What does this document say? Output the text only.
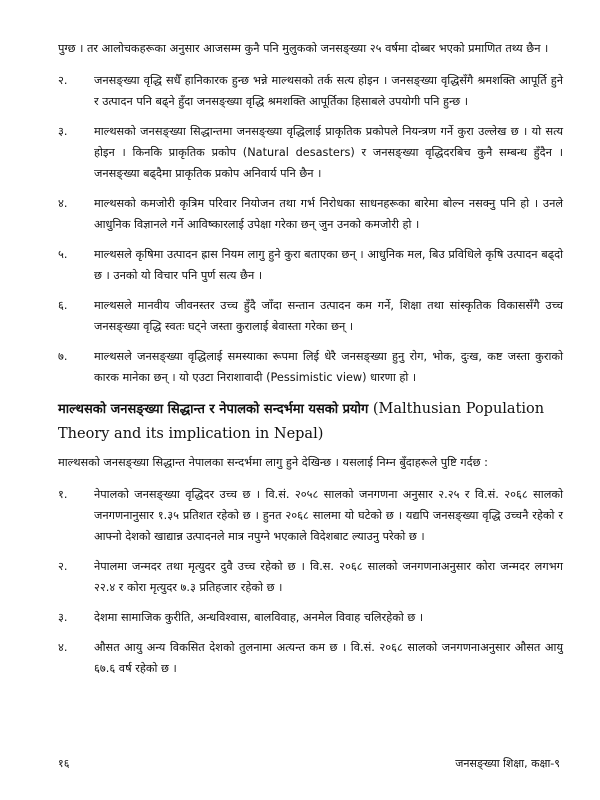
पुग्छ । तर आलोचकहरूका अनुसार आजसम्म कुनै पनि मुलुकको जनसङ्ख्या २५ वर्षमा दोब्बर भएको प्रमाणित तथ्य छैन ।

२.	जनसङ्ख्या वृद्धि सधैँ हानिकारक हुन्छ भन्ने माल्थसको तर्क सत्य होइन । जनसङ्ख्या वृद्धिसँगै श्रमशक्ति आपूर्ति हुने र उत्पादन पनि बढ्ने हुँदा जनसङ्ख्या वृद्धि श्रमशक्ति आपूर्तिका हिसाबले उपयोगी पनि हुन्छ ।

३.	माल्थसको जनसङ्ख्या सिद्धान्तमा जनसङ्ख्या वृद्धिलाई प्राकृतिक प्रकोपले नियन्त्रण गर्ने कुरा उल्लेख छ । यो सत्य होइन । किनकि प्राकृतिक प्रकोप (Natural desasters) र जनसङ्ख्या वृद्धिदरबिच कुनै सम्बन्ध हुँदैन । जनसङ्ख्या बढ्दैमा प्राकृतिक प्रकोप अनिवार्य पनि छैन ।

४.	माल्थसको कमजोरी कृत्रिम परिवार नियोजन तथा गर्भ निरोधका साधनहरूका बारेमा बोल्न नसक्नु पनि हो । उनले आधुनिक विज्ञानले गर्ने आविष्कारलाई उपेक्षा गरेका छन् जुन उनको कमजोरी हो ।

५.	माल्थसले कृषिमा उत्पादन ह्रास नियम लागु हुने कुरा बताएका छन् । आधुनिक मल, बिउ प्रविधिले कृषि उत्पादन बढ्दो छ । उनको यो विचार पनि पुर्ण सत्य छैन ।

६.	माल्थसले मानवीय जीवनस्तर उच्च हुँदै जाँदा सन्तान उत्पादन कम गर्ने, शिक्षा तथा सांस्कृतिक विकाससँगै उच्च जनसङ्ख्या वृद्धि स्वतः घट्ने जस्ता कुरालाई बेवास्ता गरेका छन् ।

७.	माल्थसले जनसङ्ख्या वृद्धिलाई समस्याका रूपमा लिई धेरै जनसङ्ख्या हुनु रोग, भोक, दुःख, कष्ट जस्ता कुराको कारक मानेका छन् । यो एउटा निराशावादी (Pessimistic view) धारणा हो ।

माल्थसको जनसङ्ख्या सिद्धान्त र नेपालको सन्दर्भमा यसको प्रयोग (Malthusian Population Theory and its implication in Nepal)

माल्थसको जनसङ्ख्या सिद्धान्त नेपालका सन्दर्भमा लागु हुने देखिन्छ । यसलाई निम्न बुँदाहरूले पुष्टि गर्दछ :

१.	नेपालको जनसङ्ख्या वृद्धिदर उच्च छ । वि.सं. २०५८ सालको जनगणना अनुसार २.२५ र वि.सं. २०६८ सालको जनगणनानुसार १.३५ प्रतिशत रहेको छ । हुनत २०६८ सालमा यो घटेको छ । यद्यपि जनसङ्ख्या वृद्धि उच्चनै रहेको र आफ्नो देशको खाद्यान्न उत्पादनले मात्र नपुग्ने भएकाले विदेशबाट ल्याउनु परेको छ ।

२.	नेपालमा जन्मदर तथा मृत्युदर दुवै उच्च रहेको छ । वि.स. २०६८ सालको जनगणनाअनुसार कोरा जन्मदर लगभग २२.४ र कोरा मृत्युदर ७.३ प्रतिहजार रहेको छ ।

३.	देशमा सामाजिक कुरीति, अन्धविश्वास, बालविवाह, अनमेल विवाह चलिरहेको छ ।

४.	औसत आयु अन्य विकसित देशको तुलनामा अत्यन्त कम छ । वि.सं. २०६८ सालको जनगणनाअनुसार औसत आयु ६७.६ वर्ष रहेको छ ।

१६	जनसङ्ख्या शिक्षा, कक्षा-९
